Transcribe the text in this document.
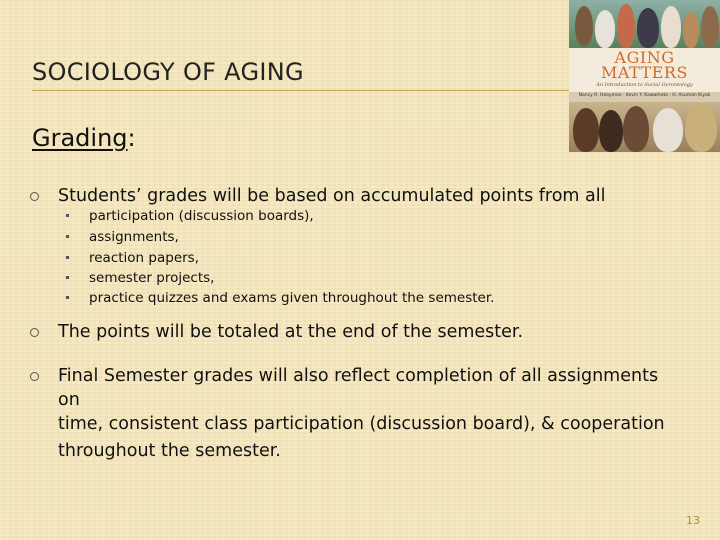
SOCIOLOGY OF AGING
Grading:
Students’ grades will be based on accumulated points from all
participation (discussion boards),
assignments,
reaction papers,
semester projects,
practice quizzes and exams given throughout the semester.
The points will be totaled at the end of the semester.
Final Semester grades will also reflect completion of all assignments on
time, consistent class participation (discussion board), & cooperation
throughout the semester.
13
AGING
MATTERS
An Introduction to Social Gerontology
Nancy R. Hooyman · Kevin Y. Kawamoto · H. Asuman Kiyak
